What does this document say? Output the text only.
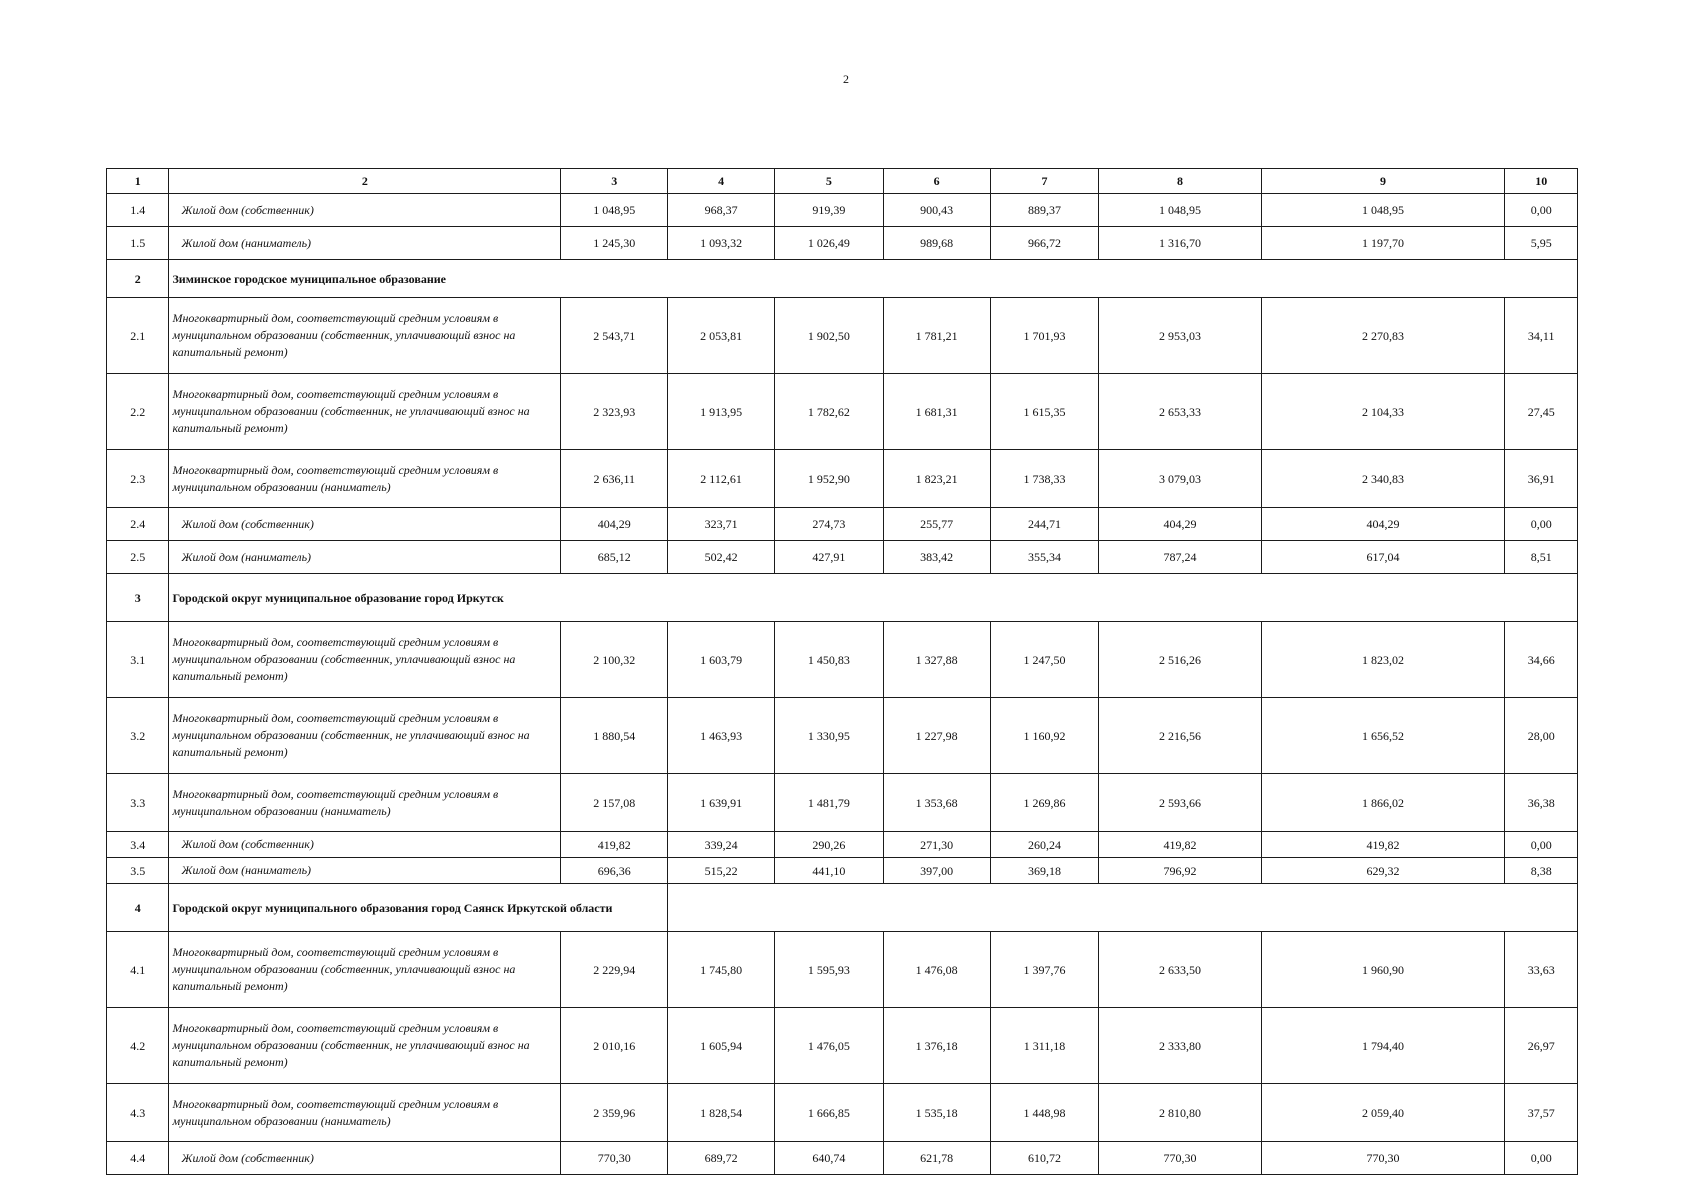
2
1	2	3	4	5	6	7	8	9	10
1.4	Жилой дом (собственник)	1 048,95	968,37	919,39	900,43	889,37	1 048,95	1 048,95	0,00
1.5	Жилой дом (наниматель)	1 245,30	1 093,32	1 026,49	989,68	966,72	1 316,70	1 197,70	5,95
2	Зиминское городское муниципальное образование								
2.1	Многоквартирный дом, соответствующий средним условиям в муниципальном образовании (собственник, уплачивающий взнос на капитальный ремонт)	2 543,71	2 053,81	1 902,50	1 781,21	1 701,93	2 953,03	2 270,83	34,11
2.2	Многоквартирный дом, соответствующий средним условиям в муниципальном образовании (собственник, не уплачивающий взнос на капитальный ремонт)	2 323,93	1 913,95	1 782,62	1 681,31	1 615,35	2 653,33	2 104,33	27,45
2.3	Многоквартирный дом, соответствующий средним условиям в муниципальном образовании (наниматель)	2 636,11	2 112,61	1 952,90	1 823,21	1 738,33	3 079,03	2 340,83	36,91
2.4	Жилой дом (собственник)	404,29	323,71	274,73	255,77	244,71	404,29	404,29	0,00
2.5	Жилой дом (наниматель)	685,12	502,42	427,91	383,42	355,34	787,24	617,04	8,51
3	Городской округ муниципальное образование город Иркутск								
3.1	Многоквартирный дом, соответствующий средним условиям в муниципальном образовании (собственник, уплачивающий взнос на капитальный ремонт)	2 100,32	1 603,79	1 450,83	1 327,88	1 247,50	2 516,26	1 823,02	34,66
3.2	Многоквартирный дом, соответствующий средним условиям в муниципальном образовании (собственник, не уплачивающий взнос на капитальный ремонт)	1 880,54	1 463,93	1 330,95	1 227,98	1 160,92	2 216,56	1 656,52	28,00
3.3	Многоквартирный дом, соответствующий средним условиям в муниципальном образовании (наниматель)	2 157,08	1 639,91	1 481,79	1 353,68	1 269,86	2 593,66	1 866,02	36,38
3.4	Жилой дом (собственник)	419,82	339,24	290,26	271,30	260,24	419,82	419,82	0,00
3.5	Жилой дом (наниматель)	696,36	515,22	441,10	397,00	369,18	796,92	629,32	8,38
4	Городской округ муниципального образования город Саянск Иркутской области								
4.1	Многоквартирный дом, соответствующий средним условиям в муниципальном образовании (собственник, уплачивающий взнос на капитальный ремонт)	2 229,94	1 745,80	1 595,93	1 476,08	1 397,76	2 633,50	1 960,90	33,63
4.2	Многоквартирный дом, соответствующий средним условиям в муниципальном образовании (собственник, не уплачивающий взнос на капитальный ремонт)	2 010,16	1 605,94	1 476,05	1 376,18	1 311,18	2 333,80	1 794,40	26,97
4.3	Многоквартирный дом, соответствующий средним условиям в муниципальном образовании (наниматель)	2 359,96	1 828,54	1 666,85	1 535,18	1 448,98	2 810,80	2 059,40	37,57
4.4	Жилой дом (собственник)	770,30	689,72	640,74	621,78	610,72	770,30	770,30	0,00
